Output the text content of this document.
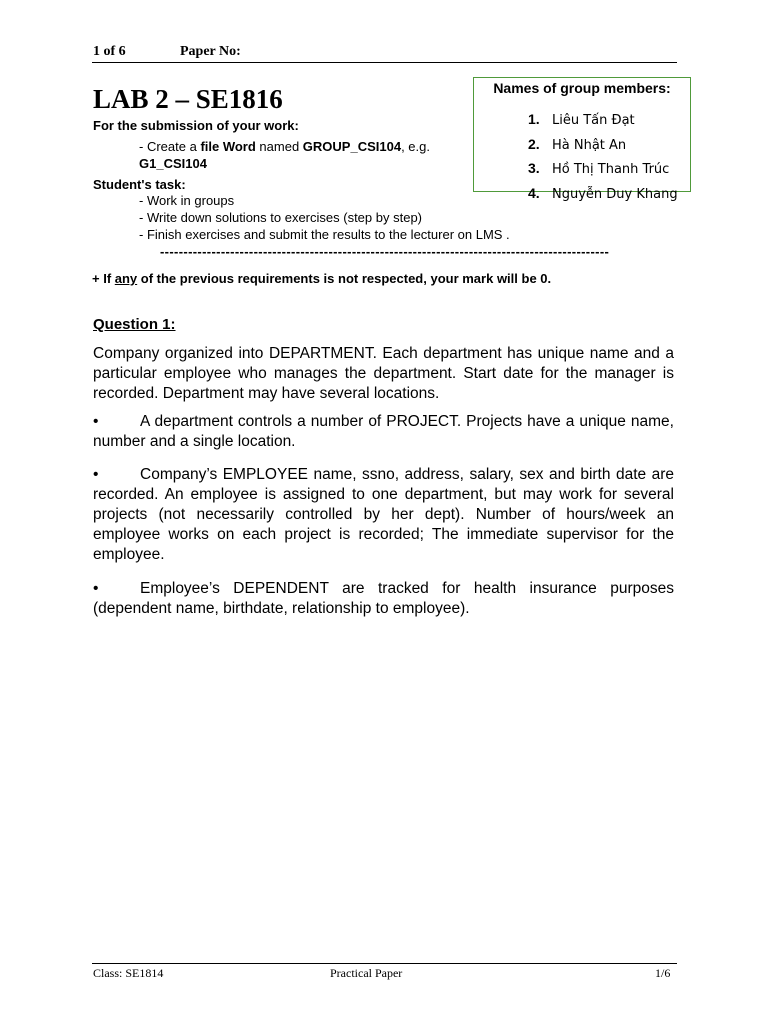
1 of 6	Paper No:
LAB 2 – SE1816	Names of group members:
1. Liêu Tấn Đạt
2. Hà Nhật An
3. Hồ Thị Thanh Trúc
4. Nguyễn Duy Khang
For the submission of your work:
- Create a file Word named GROUP_CSI104, e.g.
G1_CSI104
Student's task:
- Work in groups
- Write down solutions to exercises (step by step)
- Finish exercises and submit the results to the lecturer on LMS .
------------------------------------------------------------------------------------------------
+ If any of the previous requirements is not respected, your mark will be 0.
Question 1:
Company organized into DEPARTMENT. Each department has unique name and a particular employee who manages the department. Start date for the manager is recorded. Department may have several locations.
•	A department controls a number of PROJECT. Projects have a unique name, number and a single location.
•	Company’s EMPLOYEE name, ssno, address, salary, sex and birth date are recorded. An employee is assigned to one department, but may work for several projects (not necessarily controlled by her dept). Number of hours/week an employee works on each project is recorded; The immediate supervisor for the employee.
•	Employee’s DEPENDENT are tracked for health insurance purposes (dependent name, birthdate, relationship to employee).
Class: SE1814	Practical Paper	1/6
